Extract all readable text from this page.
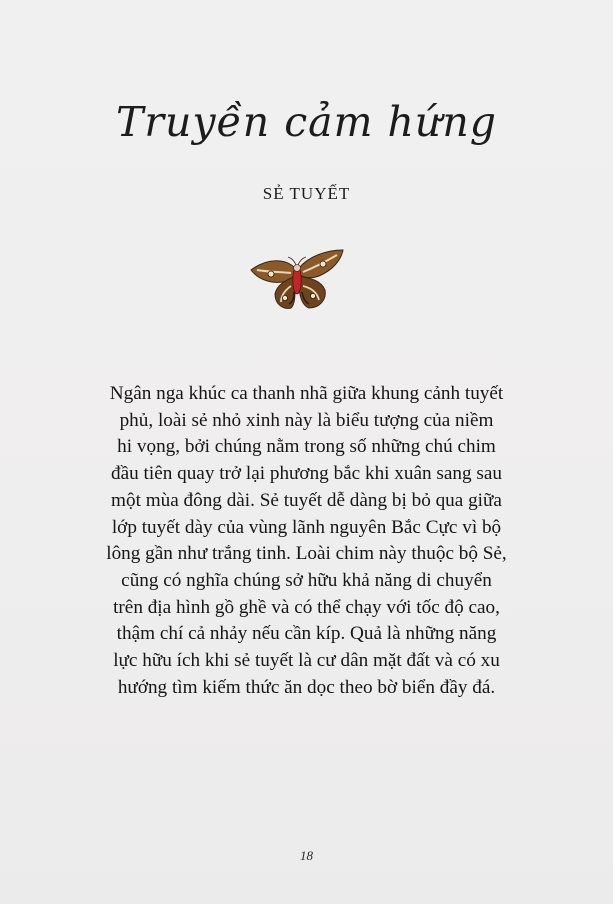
Truyền cảm hứng
SẺ TUYẾT
Ngân nga khúc ca thanh nhã giữa khung cảnh tuyết
phủ, loài sẻ nhỏ xinh này là biểu tượng của niềm
hi vọng, bởi chúng nằm trong số những chú chim
đầu tiên quay trở lại phương bắc khi xuân sang sau
một mùa đông dài. Sẻ tuyết dễ dàng bị bỏ qua giữa
lớp tuyết dày của vùng lãnh nguyên Bắc Cực vì bộ
lông gần như trắng tinh. Loài chim này thuộc bộ Sẻ,
cũng có nghĩa chúng sở hữu khả năng di chuyển
trên địa hình gồ ghề và có thể chạy với tốc độ cao,
thậm chí cả nhảy nếu cần kíp. Quả là những năng
lực hữu ích khi sẻ tuyết là cư dân mặt đất và có xu
hướng tìm kiếm thức ăn dọc theo bờ biển đầy đá.
18
